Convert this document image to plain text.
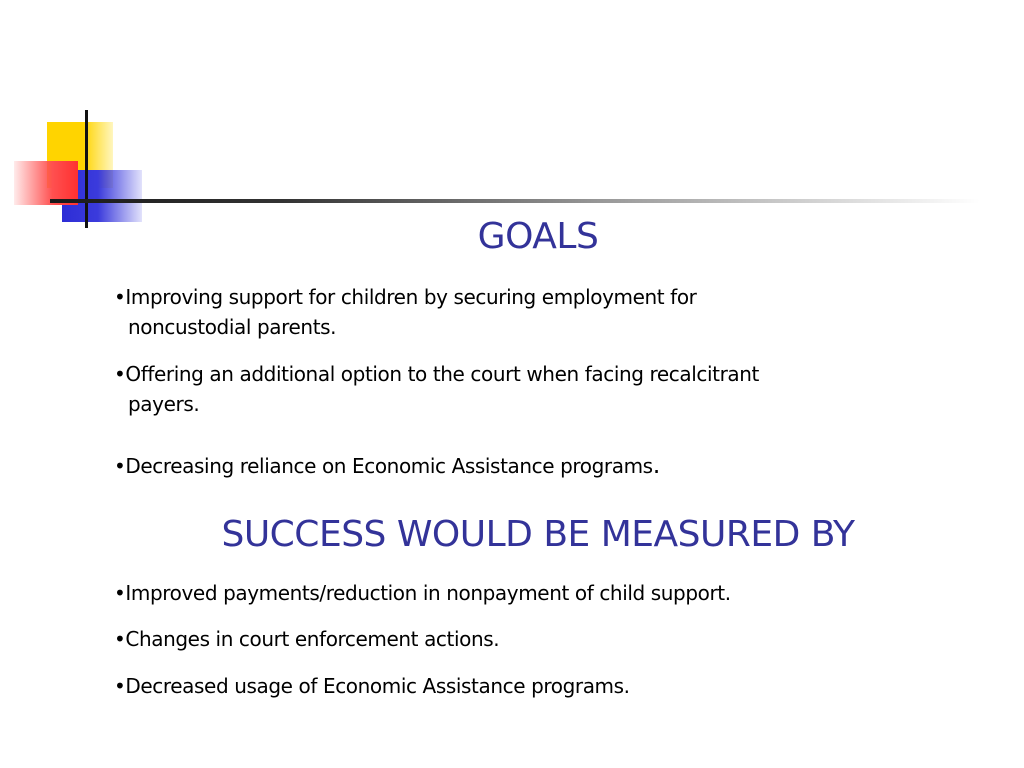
GOALS
•Improving support for children by securing employment for
noncustodial parents.
•Offering an additional option to the court when facing recalcitrant
payers.
•Decreasing reliance on Economic Assistance programs.
SUCCESS WOULD BE MEASURED BY
•Improved payments/reduction in nonpayment of child support.
•Changes in court enforcement actions.
•Decreased usage of Economic Assistance programs.
